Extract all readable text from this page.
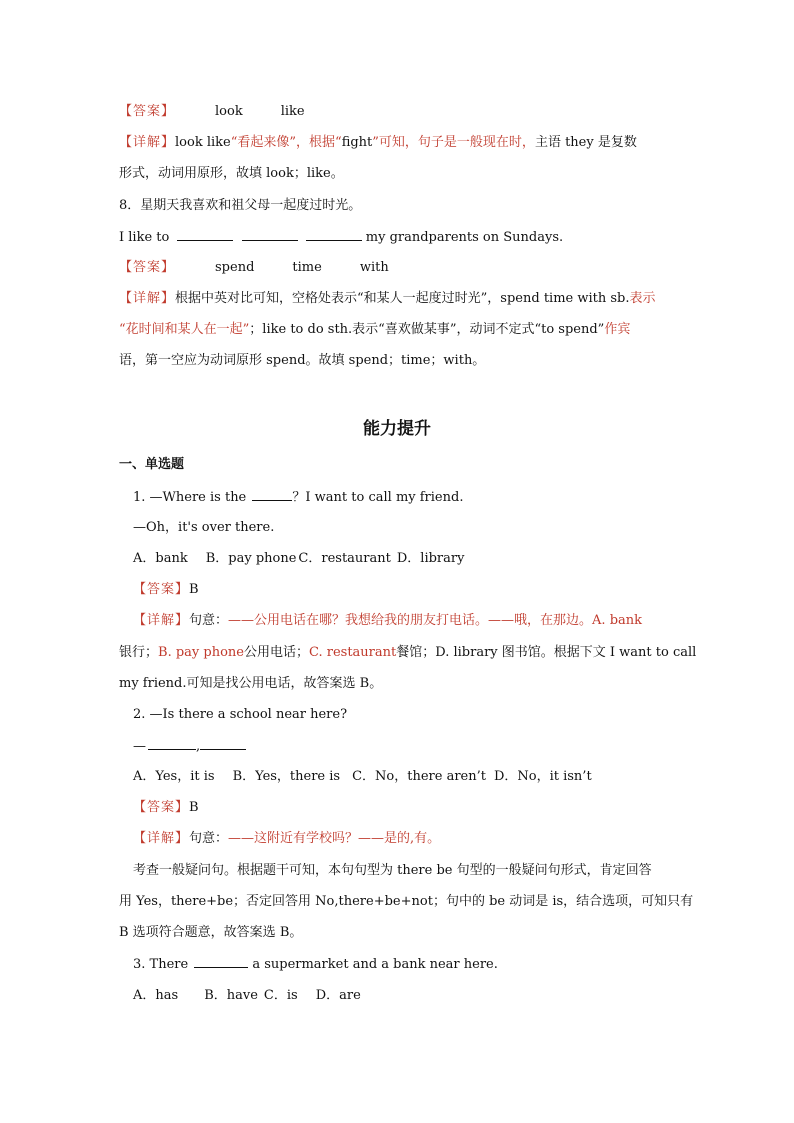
【答案】	look	like
【详解】look like“看起来像”，根据“fight”可知，句子是一般现在时，主语 they 是复数
形式，动词用原形，故填 look；like。
8．星期天我喜欢和祖父母一起度过时光。
I like to	my grandparents on Sundays.
【答案】	spend	time	with
【详解】根据中英对比可知，空格处表示“和某人一起度过时光”，spend time with sb.表示
“花时间和某人在一起”；like to do sth.表示“喜欢做某事”，动词不定式“to spend”作宾
语，第一空应为动词原形 spend。故填 spend；time；with。
能力提升
一、单选题
1. —Where is the	？I want to call my friend.
—Oh，it's over there.
A．bank B．pay phone C．restaurant D．library
【答案】B
【详解】句意：——公用电话在哪？我想给我的朋友打电话。——哦，在那边。A. bank
银行；B. pay phone公用电话；C. restaurant餐馆；D. library 图书馆。根据下文 I want to call
my friend.可知是找公用电话，故答案选 B。
2. —Is there a school near here?
—	,
A．Yes，it is B．Yes，there is C．No，there aren’t D．No，it isn’t
【答案】B
【详解】句意：——这附近有学校吗？——是的,有。
考查一般疑问句。根据题干可知，本句句型为 there be 句型的一般疑问句形式，肯定回答
用 Yes，there+be；否定回答用 No,there+be+not；句中的 be 动词是 is，结合选项，可知只有
B 选项符合题意，故答案选 B。
3. There	a supermarket and a bank near here.
A．has B．have C．is D．are
